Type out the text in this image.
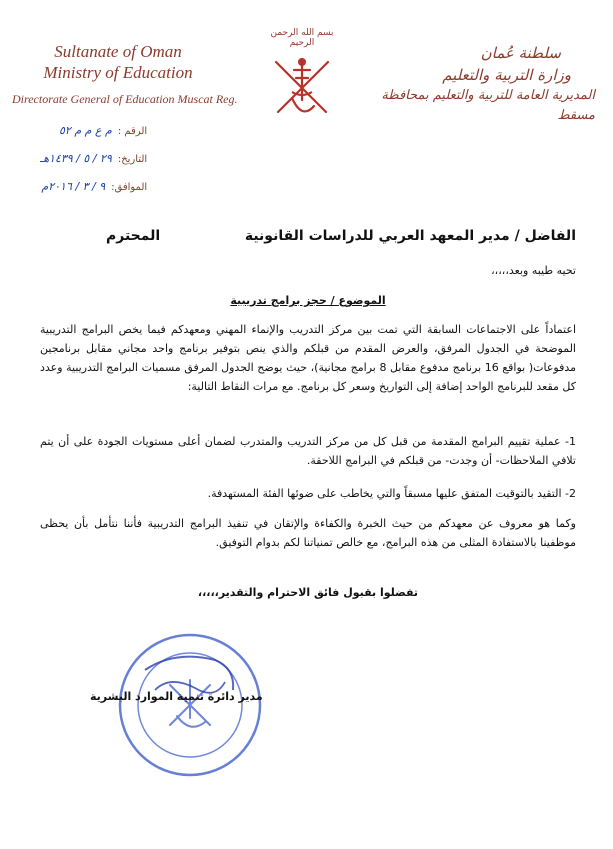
Sultanate of Oman
Ministry of Education
Directorate General of Education Muscat Reg.
بسم الله الرحمن الرحيم
سلطنة عُمان
وزارة التربية والتعليم
المديرية العامة للتربية والتعليم بمحافظة مسقط
الرقم :
م ع م م ٥٢
التاريخ:
٢٩ / ٥ / ١٤٣٩هـ
الموافق:
٩ / ٣ / ٢٠١٦م
الفاضل / مدير المعهد العربي للدراسات القانونية
المحترم
تحيه طيبه وبعد،،،،،
الموضوع / حجز برامج تدريبية
اعتماداً على الاجتماعات السابقة التي تمت بين مركز التدريب والإنماء المهني ومعهدكم فيما يخص البرامج التدريبية الموضحة في الجدول المرفق، والعرض المقدم من قبلكم والذي ينص بتوفير برنامج واحد مجاني مقابل برنامجين مدفوعات( بواقع 16 برنامج مدفوع مقابل 8 برامج مجانية)، حيث يوضح الجدول المرفق مسميات البرامج التدريبية وعدد كل مقعد للبرنامج الواحد إضافة إلى التواريخ وسعر كل برنامج. مع مرات النقاط التالية:
1- عملية تقييم البرامج المقدمة من قبل كل من مركز التدريب والمتدرب لضمان أعلى مستويات الجودة على أن يتم تلافي الملاحظات- أن وجدت- من قبلكم في البرامج اللاحقة.
2- التقيد بالتوقيت المتفق عليها مسبقاً والتي يخاطب على ضوئها الفئة المستهدفة.
وكما هو معروف عن معهدكم من حيث الخبرة والكفاءة والإتقان في تنفيذ البرامج التدريبية فأننا نتأمل بأن يحظى موظفينا بالاستفادة المثلى من هذه البرامج، مع خالص تمنياتنا لكم بدوام التوفيق.
تفضلوا بقبول فائق الاحترام والتقدير،،،،،
مدير دائرة تنمية الموارد البشرية
